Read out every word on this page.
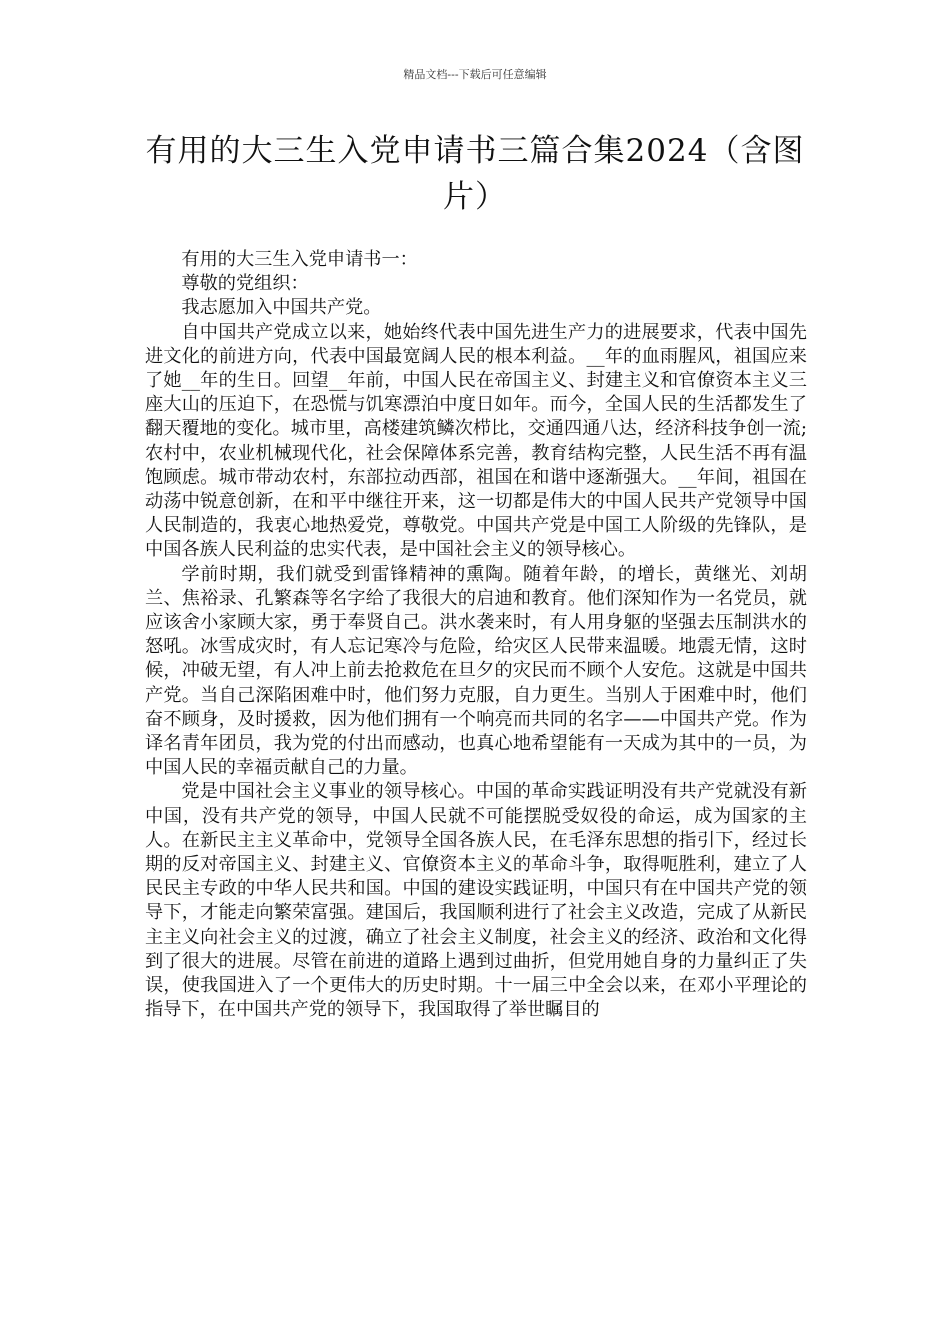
精品文档---下载后可任意编辑
有用的大三生入党申请书三篇合集2024（含图片）

有用的大三生入党申请书一：

尊敬的党组织：

我志愿加入中国共产党。

自中国共产党成立以来，她始终代表中国先进生产力的进展要求，代表中国先进文化的前进方向，代表中国最宽阔人民的根本利益。__年的血雨腥风，祖国应来了她__年的生日。回望__年前，中国人民在帝国主义、封建主义和官僚资本主义三座大山的压迫下，在恐慌与饥寒漂泊中度日如年。而今，全国人民的生活都发生了翻天覆地的变化。城市里，高楼建筑鳞次栉比，交通四通八达，经济科技争创一流;农村中，农业机械现代化，社会保障体系完善，教育结构完整，人民生活不再有温饱顾虑。城市带动农村，东部拉动西部，祖国在和谐中逐渐强大。__年间，祖国在动荡中锐意创新，在和平中继往开来，这一切都是伟大的中国人民共产党领导中国人民制造的，我衷心地热爱党，尊敬党。中国共产党是中国工人阶级的先锋队，是中国各族人民利益的忠实代表，是中国社会主义的领导核心。

学前时期，我们就受到雷锋精神的熏陶。随着年龄，的增长，黄继光、刘胡兰、焦裕录、孔繁森等名字给了我很大的启迪和教育。他们深知作为一名党员，就应该舍小家顾大家，勇于奉贤自己。洪水袭来时，有人用身躯的坚强去压制洪水的怒吼。冰雪成灾时，有人忘记寒冷与危险，给灾区人民带来温暖。地震无情，这时候，冲破无望，有人冲上前去抢救危在旦夕的灾民而不顾个人安危。这就是中国共产党。当自己深陷困难中时，他们努力克服，自力更生。当别人于困难中时，他们奋不顾身，及时援救，因为他们拥有一个响亮而共同的名字——中国共产党。作为译名青年团员，我为党的付出而感动，也真心地希望能有一天成为其中的一员，为中国人民的幸福贡献自己的力量。

党是中国社会主义事业的领导核心。中国的革命实践证明没有共产党就没有新中国，没有共产党的领导，中国人民就不可能摆脱受奴役的命运，成为国家的主人。在新民主主义革命中，党领导全国各族人民，在毛泽东思想的指引下，经过长期的反对帝国主义、封建主义、官僚资本主义的革命斗争，取得呃胜利，建立了人民民主专政的中华人民共和国。中国的建设实践证明，中国只有在中国共产党的领导下，才能走向繁荣富强。建国后，我国顺利进行了社会主义改造，完成了从新民主主义向社会主义的过渡，确立了社会主义制度，社会主义的经济、政治和文化得到了很大的进展。尽管在前进的道路上遇到过曲折，但党用她自身的力量纠正了失误，使我国进入了一个更伟大的历史时期。十一届三中全会以来，在邓小平理论的指导下，在中国共产党的领导下，我国取得了举世瞩目的
